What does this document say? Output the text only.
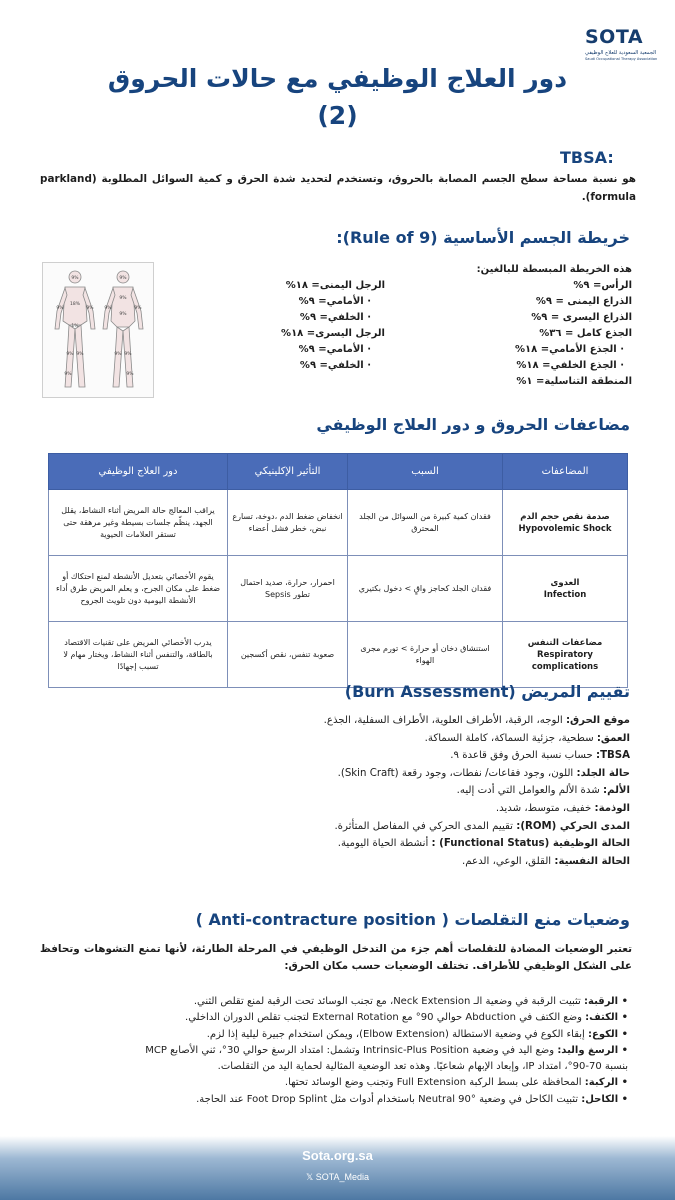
SOTA
الجمعية السعودية للعلاج الوظيفي
Saudi Occupational Therapy Association
دور العلاج الوظيفي مع حالات الحروق
(2)
TBSA:

هو نسبة مساحة سطح الجسم المصابة بالحروق، وتستخدم لتحديد شدة الحرق و كمية السوائل المطلوبة (parkland formula).

خريطة الجسم الأساسية (Rule of 9):
9%	9%
9%	9%
18%
1%
9% 9%
9%	9%
9%
9%
9% 9%
9%	9%
هذه الخريطة المبسطة للبالغين:
الرأس= ٩%
الذراع اليمنى = ٩%
الذراع اليسرى = ٩%
الجذع كامل = ٣٦%
· الجذع الأمامي= ١٨%
· الجذع الخلفي= ١٨%
المنطقة التناسلية= ١%
الرجل اليمنى= ١٨%
· الأمامي= ٩%
· الخلفي= ٩%
الرجل اليسرى= ١٨%
· الأمامي= ٩%
· الخلفي= ٩%
مضاعفات الحروق و دور العلاج الوظيفي
المضاعفات	السبب	التأثير الإكلينيكي	دور العلاج الوظيفي

صدمة نقص حجم الدم
Hypovolemic Shock	فقدان كمية كبيرة من السوائل من الجلد المحترق	انخفاض ضغط الدم ،دوخة، تسارع نبض، خطر فشل أعضاء	يراقب المعالج حالة المريض أثناء النشاط، يقلل الجهد، ينظّم جلسات بسيطة وغير مرهقة حتى تستقر العلامات الحيوية

العدوى
Infection	فقدان الجلد كحاجز واقٍ > دخول بكتيري	احمرار، حرارة، صديد احتمال تطور Sepsis	يقوم الأخصائي بتعديل الأنشطة لمنع احتكاك أو ضغط على مكان الجرح، و يعلم المريض طرق أداء الأنشطة اليومية دون تلويث الجروح

مضاعفات التنفس
Respiratory complications	استنشاق دخان أو حرارة > تورم مجرى الهواء	صعوبة تنفس، نقص أكسجين	يدرب الأخصائي المريض على تقنيات الاقتصاد بالطاقة، والتنفس أثناء النشاط، ويختار مهام لا تسبب إجهادًا
تقييم المريض (Burn Assessment)
موقع الحرق: الوجه، الرقبة، الأطراف العلوية، الأطراف السفلية، الجذع.
العمق: سطحية، جزئية السماكة، كاملة السماكة.
TBSA: حساب نسبة الحرق وفق قاعدة ٩.
حالة الجلد: اللون، وجود فقاعات/ نفطات، وجود رقعة (Skin Craft).
الألم: شدة الألم والعوامل التي أدت إليه.
الوذمة: خفيف، متوسط، شديد.
المدى الحركي (ROM): تقييم المدى الحركي في المفاصل المتأثرة.
الحالة الوظيفية (Functional Status) : أنشطة الحياة اليومية.
الحالة النفسية: القلق، الوعي، الدعم.
وضعيات منع التقلصات ( Anti-contracture position )

تعتبر الوضعيات المضادة للتقلصات أهم جزء من التدخل الوظيفي في المرحلة الطارئة، لأنها تمنع التشوهات وتحافظ على الشكل الوظيفي للأطراف. تختلف الوضعيات حسب مكان الحرق:

• الرقبة: تثبيت الرقبة في وضعية الـ Neck Extension، مع تجنب الوسائد تحت الرقبة لمنع تقلص الثني.
• الكتف: وضع الكتف في Abduction حوالي 90° مع External Rotation لتجنب تقلص الدوران الداخلي.
• الكوع: إبقاء الكوع في وضعية الاستطالة (Elbow Extension)، ويمكن استخدام جبيرة ليلية إذا لزم.
• الرسغ واليد: وضع اليد في وضعية Intrinsic-Plus Position وتشمل: امتداد الرسغ حوالي 30°، ثني الأصابع MCP
بنسبة 70-90°، امتداد IP، وإبعاد الإبهام شعاعيًا. وهذه تعد الوضعية المثالية لحماية اليد من التقلصات.
• الركبة: المحافظة على بسط الركبة Full Extension وتجنب وضع الوسائد تحتها.
• الكاحل: تثبيت الكاحل في وضعية Neutral 90° باستخدام أدوات مثل Foot Drop Splint عند الحاجة.
Sota.org.sa
𝕏 SOTA_Media
